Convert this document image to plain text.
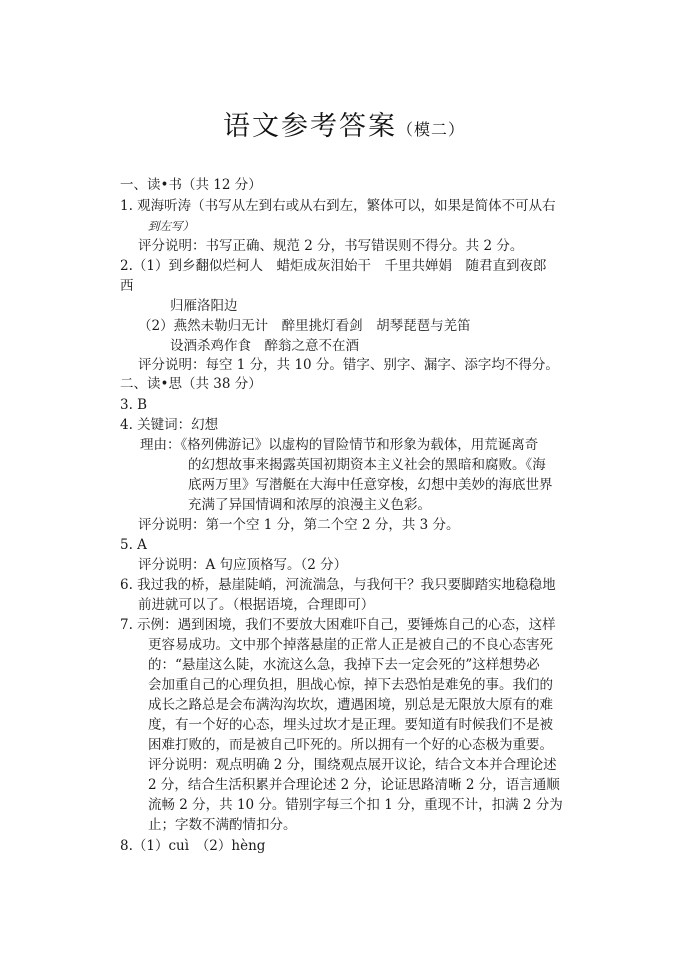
语文参考答案（模二）
一、读•书（共 12 分）
1. 观海听涛（书写从左到右或从右到左，繁体可以，如果是简体不可从右
到左写）
评分说明：书写正确、规范 2 分，书写错误则不得分。共 2 分。
2.（1）到乡翻似烂柯人　蜡炬成灰泪始干　千里共婵娟　随君直到夜郎
西
归雁洛阳边
（2）燕然未勒归无计　醉里挑灯看剑　胡琴琵琶与羌笛
设酒杀鸡作食　醉翁之意不在酒
评分说明：每空 1 分，共 10 分。错字、别字、漏字、添字均不得分。
二、读•思（共 38 分）
3. B
4. 关键词：幻想
理由：《格列佛游记》以虚构的冒险情节和形象为载体，用荒诞离奇
的幻想故事来揭露英国初期资本主义社会的黑暗和腐败。《海
底两万里》写潜艇在大海中任意穿梭，幻想中美妙的海底世界
充满了异国情调和浓厚的浪漫主义色彩。
评分说明：第一个空 1 分，第二个空 2 分，共 3 分。
5. A
评分说明：A 句应顶格写。（2 分）
6. 我过我的桥，悬崖陡峭，河流湍急，与我何干？我只要脚踏实地稳稳地
前进就可以了。（根据语境，合理即可）
7. 示例：遇到困境，我们不要放大困难吓自己，要锤炼自己的心态，这样
更容易成功。文中那个掉落悬崖的正常人正是被自己的不良心态害死
的：“悬崖这么陡，水流这么急，我掉下去一定会死的”这样想势必
会加重自己的心理负担，胆战心惊，掉下去恐怕是难免的事。我们的
成长之路总是会布满沟沟坎坎，遭遇困境，别总是无限放大原有的难
度，有一个好的心态，埋头过坎才是正理。要知道有时候我们不是被
困难打败的，而是被自己吓死的。所以拥有一个好的心态极为重要。
评分说明：观点明确 2 分，围绕观点展开议论，结合文本并合理论述
2 分，结合生活积累并合理论述 2 分，论证思路清晰 2 分，语言通顺
流畅 2 分，共 10 分。错别字每三个扣 1 分，重现不计，扣满 2 分为
止；字数不满酌情扣分。
8.（1）cuì　（2）hèng
